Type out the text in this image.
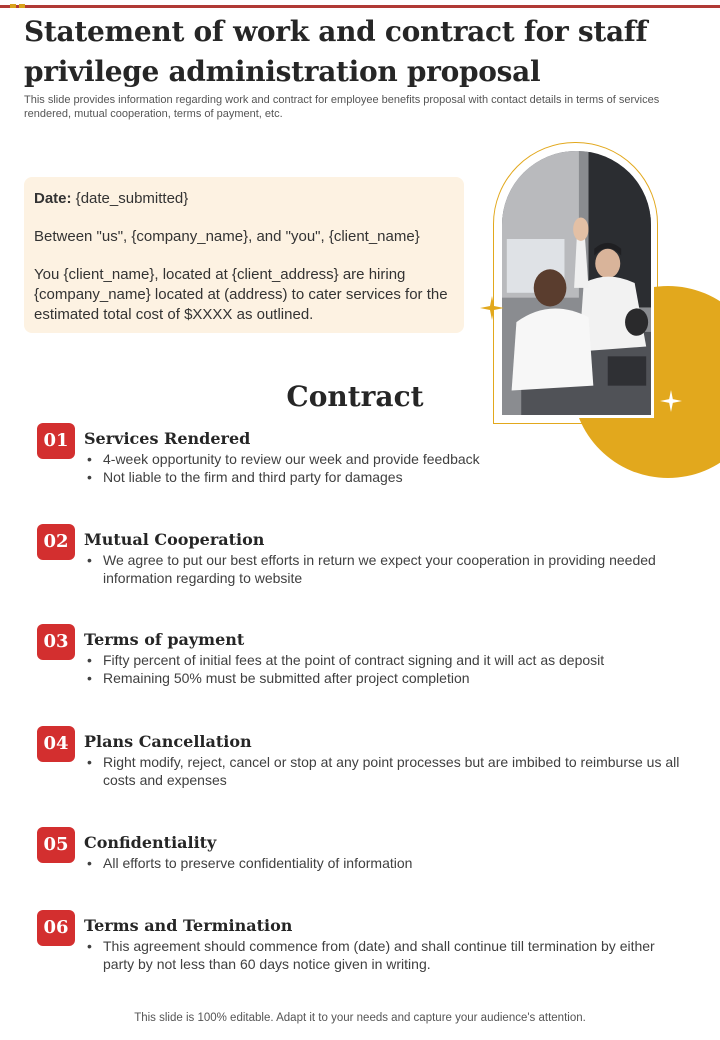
Statement of work and contract for staff privilege administration proposal

This slide provides information regarding work and contract for employee benefits proposal with contact details in terms of services rendered, mutual cooperation, terms of payment, etc.

Date: {date_submitted}

Between "us", {company_name}, and "you", {client_name}

You {client_name}, located at {client_address} are hiring {company_name} located at (address) to cater services for the estimated total cost of $XXXX as outlined.

Contract
01 Services Rendered
• 4-week opportunity to review our week and provide feedback
• Not liable to the firm and third party for damages
02 Mutual Cooperation
• We agree to put our best efforts in return we expect your cooperation in providing needed information regarding to website
03 Terms of payment
• Fifty percent of initial fees at the point of contract signing and it will act as deposit
• Remaining 50% must be submitted after project completion
04 Plans Cancellation
• Right modify, reject, cancel or stop at any point processes but are imbibed to reimburse us all costs and expenses
05 Confidentiality
• All efforts to preserve confidentiality of information
06 Terms and Termination
• This agreement should commence from (date) and shall continue till termination by either party by not less than 60 days notice given in writing.
This slide is 100% editable. Adapt it to your needs and capture your audience's attention.
